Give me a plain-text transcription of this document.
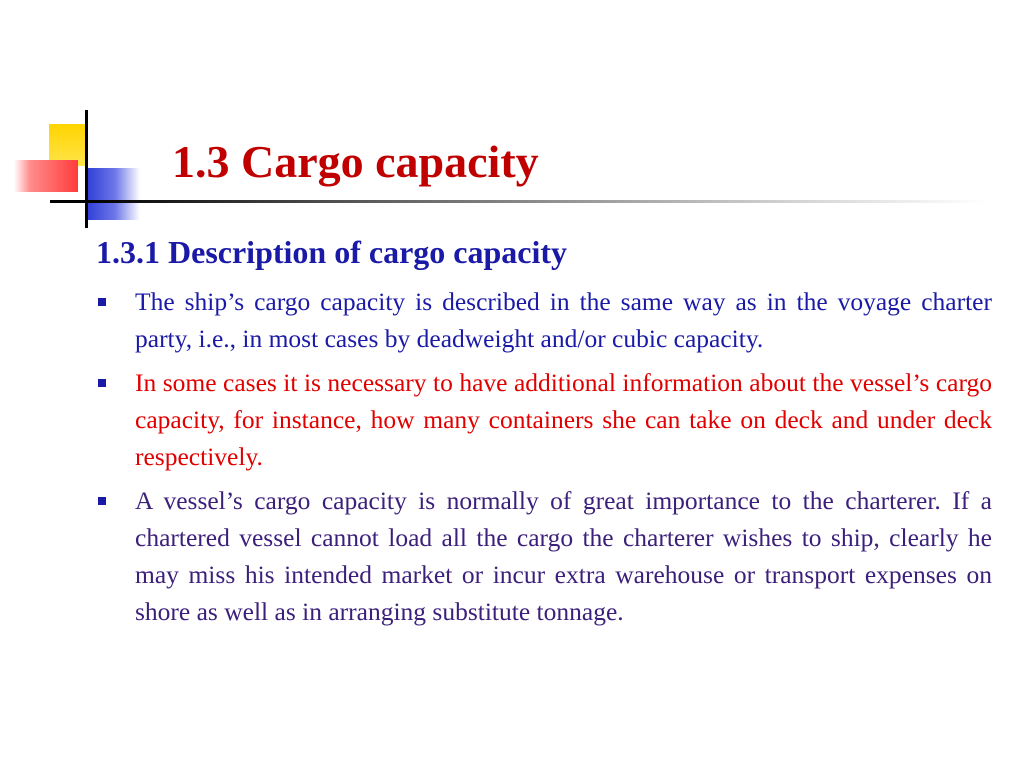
1.3 Cargo capacity
1.3.1 Description of cargo capacity
The ship’s cargo capacity is described in the same way as in the voyage charter party, i.e., in most cases by deadweight and/or cubic capacity.
In some cases it is necessary to have additional information about the vessel’s cargo capacity, for instance, how many containers she can take on deck and under deck respectively.
A vessel’s cargo capacity is normally of great importance to the charterer. If a chartered vessel cannot load all the cargo the charterer wishes to ship, clearly he may miss his intended market or incur extra warehouse or transport expenses on shore as well as in arranging substitute tonnage.
